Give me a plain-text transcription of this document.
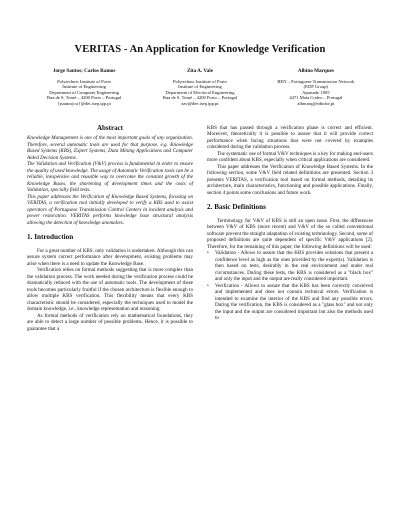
VERITAS - An Application for Knowledge Verification
Jorge Santos; Carlos Ramos
Polytechnic Institute of Porto
Institute of Engineering
Department of Computer Engineering
Rua de S. Tomé – 4200 Porto – Portugal
{jsantos|csr}@dei.isep.ipp.pt
Zita A. Vale
Polytechnic Institute of Porto
Institute of Engineering
Department of Electrical Engineering
Rua de S. Tomé – 4200 Porto – Portugal
zav@dee.isep.ipp.pt
Albino Marques
REN – Portuguese Transmission Network
(EDP Group)
Apartado 1005
4471 Maia Codex – Portugal
albmarq@edinfor.pt
Abstract

Knowledge Management is one of the most important goals of any organization. Therefore, several automatic tools are used for that purpose, e.g. Knowledge Based Systems (KBS), Expert Systems, Data Mining Applications and Computer Aided Decision Systems.

The Validation and Verification (V&V) process is fundamental in order to ensure the quality of used knowledge. The usage of Automatic Verification tools can be a reliable, inexpensive and reusable way to overcome the constant growth of the Knowledge Bases, the shortening of development times and the costs of Validation, specially field tests.

This paper addresses the Verification of Knowledge Based Systems, focusing on VERITAS, a verification tool initially developed to verify a KBS used to assist operators of Portuguese Transmission Control Centers in incident analysis and power restoration. VERITAS performs knowledge base structural analysis allowing the detection of knowledge anomalies.

1. Introduction

For a great number of KBS, only validation is undertaken. Although this can assure system correct performance after development, existing problems may arise when there is a need to update the Knowledge Base.

Verification relies on formal methods suggesting that is more complex than the validation process. The work needed during the verification process could be dramatically reduced with the use of automatic tools. The development of these tools becomes particularly fruitful if the chosen architecture is flexible enough to allow multiple KBS verification. This flexibility means that every KBS characteristic should be considered, especially the techniques used to model the domain knowledge, i.e., knowledge representation and reasoning.

As formal methods of verification rely on mathematical foundations, they are able to detect a large number of possible problems. Hence, it is possible to guarantee that a

KBS that has passed through a verification phase is correct and efficient. Moreover, theoretically it is possible to assure that it will provide correct performance when facing situations that were not covered by examples considered during the validation process.

The systematic use of formal V&V techniques is a key for making end-users more confident about KBS, especially when critical applications are considered.

This paper addresses the Verification of Knowledge Based Systems. In the following section, some V&V field related definitions are presented. Section 3 presents VERITAS, a verification tool based on formal methods, detailing its architecture, main characteristics, functioning and possible applications. Finally, section 4 points some conclusions and future work.

2. Basic Definitions

Terminology for V&V of KBS is still an open issue. First, the differences between V&V of KBS (more recent) and V&V of the so called conventional software prevent the straight adaptation of existing terminology. Second, some of proposed definitions are quite dependent of specific V&V applications [2]. Therefore, for the remaining of this paper, the following definitions will be used:

•	Validation - Allows to assure that the KBS provides solutions that present a confidence level as high as the ones provided by the expert(s). Validation is then based on tests, desirably in the real environment and under real circumstances. During these tests, the KBS is considered as a "black box" and only the input and the output are really considered important.
•	Verification - Allows to assure that the KBS has been correctly conceived and implemented and does not contain technical errors. Verification is intended to examine the interior of the KBS and find any possible errors. During the verification, the KBS is considered as a "glass box" and not only the input and the output are considered important but also the methods used to
